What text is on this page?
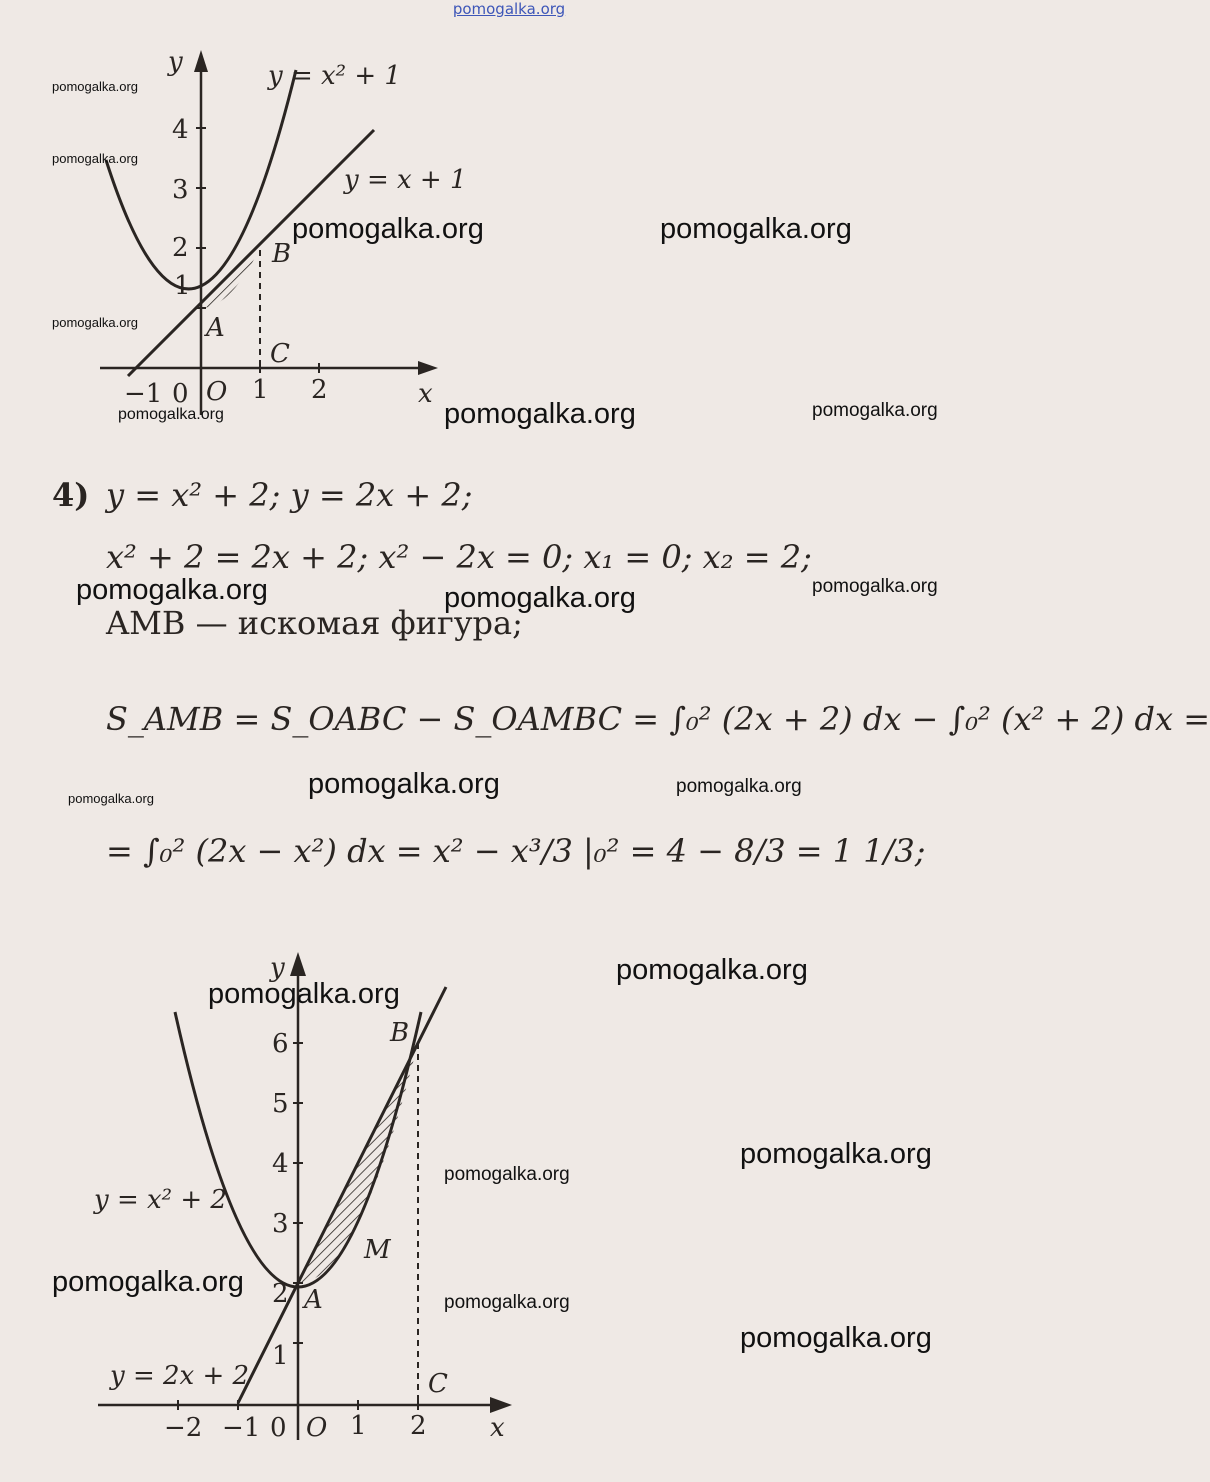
pomogalka.org
y
x
y = x² + 1
y = x + 1
B
A
C
O
−1 0 1 2
1
2
3
4
pomogalka.org
pomogalka.org
pomogalka.org
pomogalka.org
pomogalka.org	pomogalka.org
pomogalka.org	pomogalka.org
4) y = x² + 2; y = 2x + 2;
x² + 2 = 2x + 2; x² − 2x = 0; x₁ = 0; x₂ = 2;
AMB — искомая фигура;
S_AMB = S_OABC − S_OAMBC = ∫₀² (2x + 2) dx − ∫₀² (x² + 2) dx =
= ∫₀² (2x − x²) dx = x² − x³/3 |₀² = 4 − 8/3 = 1 1/3;
pomogalka.org	pomogalka.org	pomogalka.org
pomogalka.org	pomogalka.org
pomogalka.org
y
x
y = x² + 2
y = 2x + 2
B
A
C
M
O
−2 −1 0 1 2
1
2
3
4
5
6
pomogalka.org
pomogalka.org
pomogalka.org
pomogalka.org
pomogalka.org
pomogalka.org
pomogalka.org
